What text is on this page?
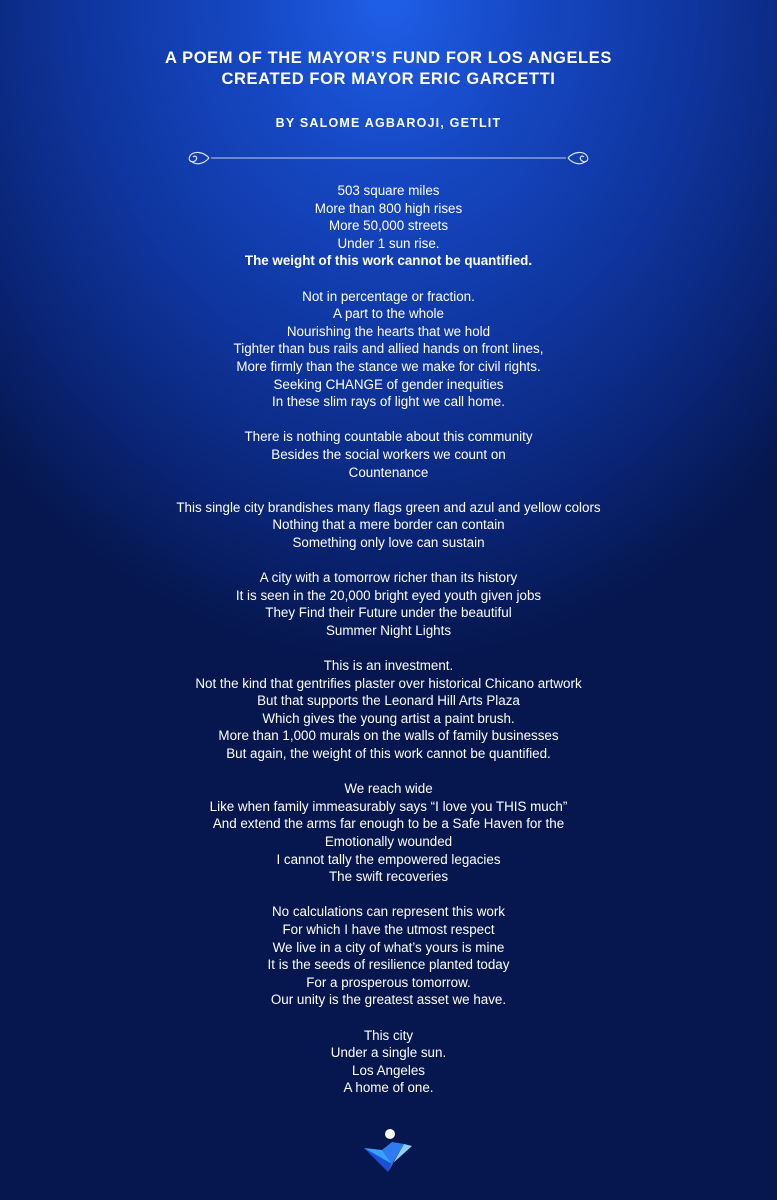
A POEM OF THE MAYOR’S FUND FOR LOS ANGELES
CREATED FOR MAYOR ERIC GARCETTI

BY SALOME AGBAROJI, GETLIT

503 square miles
More than 800 high rises
More 50,000 streets
Under 1 sun rise.
The weight of this work cannot be quantified.
Not in percentage or fraction.
A part to the whole
Nourishing the hearts that we hold
Tighter than bus rails and allied hands on front lines,
More firmly than the stance we make for civil rights.
Seeking CHANGE of gender inequities
In these slim rays of light we call home.
There is nothing countable about this community
Besides the social workers we count on
Countenance
This single city brandishes many flags green and azul and yellow colors
Nothing that a mere border can contain
Something only love can sustain
A city with a tomorrow richer than its history
It is seen in the 20,000 bright eyed youth given jobs
They Find their Future under the beautiful
Summer Night Lights
This is an investment.
Not the kind that gentrifies plaster over historical Chicano artwork
But that supports the Leonard Hill Arts Plaza
Which gives the young artist a paint brush.
More than 1,000 murals on the walls of family businesses
But again, the weight of this work cannot be quantified.
We reach wide
Like when family immeasurably says “I love you THIS much”
And extend the arms far enough to be a Safe Haven for the
Emotionally wounded
I cannot tally the empowered legacies
The swift recoveries
No calculations can represent this work
For which I have the utmost respect
We live in a city of what’s yours is mine
It is the seeds of resilience planted today
For a prosperous tomorrow.
Our unity is the greatest asset we have.
This city
Under a single sun.
Los Angeles
A home of one.
